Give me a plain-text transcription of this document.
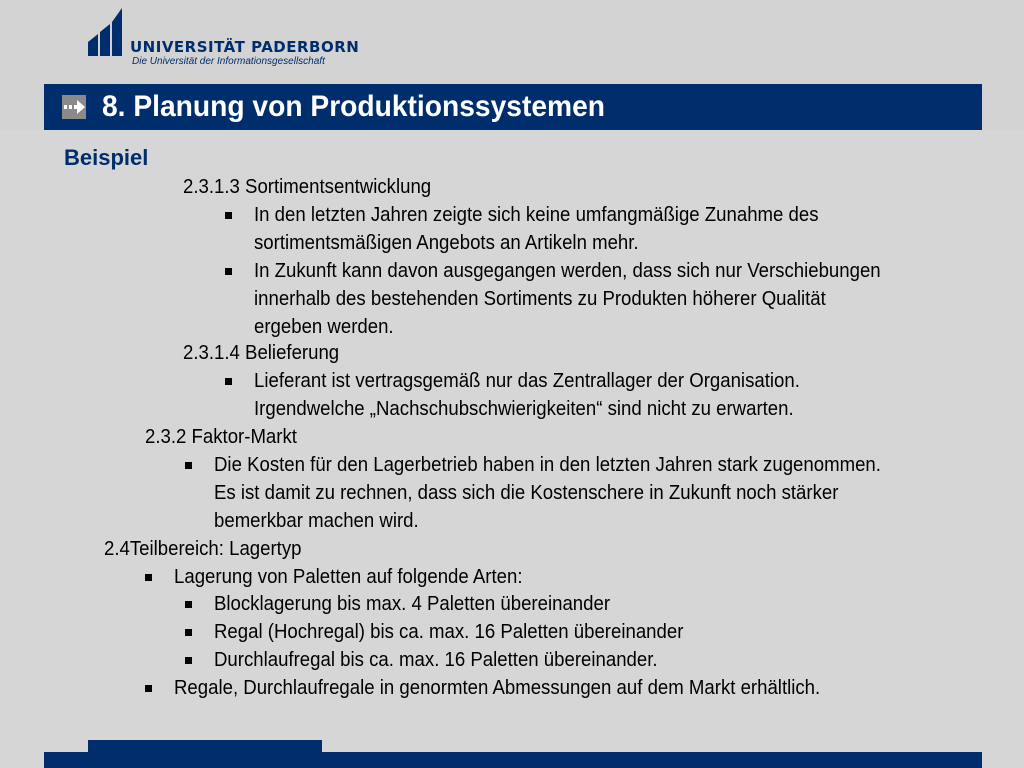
UNIVERSITÄT PADERBORN
Die Universität der Informationsgesellschaft
8. Planung von Produktionssystemen
Beispiel
2.3.1.3 Sortimentsentwicklung
In den letzten Jahren zeigte sich keine umfangmäßige Zunahme des
sortimentsmäßigen Angebots an Artikeln mehr.
In Zukunft kann davon ausgegangen werden, dass sich nur Verschiebungen
innerhalb des bestehenden Sortiments zu Produkten höherer Qualität
ergeben werden.
2.3.1.4 Belieferung
Lieferant ist vertragsgemäß nur das Zentrallager der Organisation.
Irgendwelche „Nachschubschwierigkeiten“ sind nicht zu erwarten.
2.3.2 Faktor-Markt
Die Kosten für den Lagerbetrieb haben in den letzten Jahren stark zugenommen.
Es ist damit zu rechnen, dass sich die Kostenschere in Zukunft noch stärker
bemerkbar machen wird.
2.4Teilbereich: Lagertyp
Lagerung von Paletten auf folgende Arten:
Blocklagerung bis max. 4 Paletten übereinander
Regal (Hochregal) bis ca. max. 16 Paletten übereinander
Durchlaufregal bis ca. max. 16 Paletten übereinander.
Regale, Durchlaufregale in genormten Abmessungen auf dem Markt erhältlich.
